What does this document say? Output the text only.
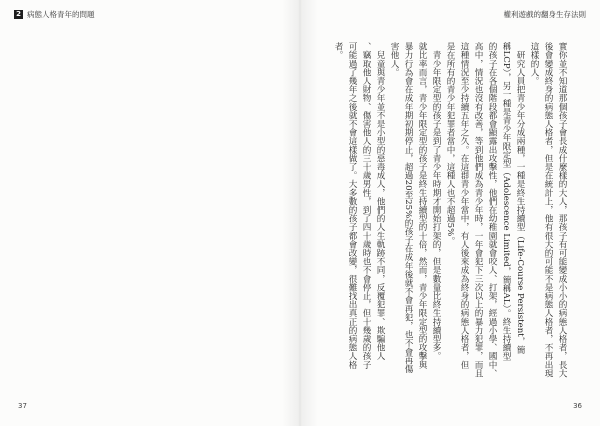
2 病態人格青年的問題
37
權利遊戲的翻身生存法則
36
實你並不知道那個孩子會長成什麼樣的大人，那孩子有可能變成小小的病態人格者，長大
後會變成終身的病態人格者，但是在統計上，他有很大的可能不是病態人格者，不再出現
這樣的人。
　研究人員把青少年分成兩種，一種是終生持續型（Life-Course Persistent，簡
稱LCP），另一種是青少年限定型（Adolescence Limited，簡稱AL）。終生持續型
的孩子在各個階段都會顯露出攻擊性，他們在幼稚園就會咬人、打架，經過小學、國中、
高中，情況也沒有改善，等到他們成為青少年時，一年會犯下三次以上的暴力犯罪，而且
這種情況至少持續五年之久。在這群青少年當中，有人後來成為終身的病態人格者，但
是在所有的青少年犯罪者當中，這種人也不超過5%。
　青少年限定型的孩子是到了青少年時期才開始打架的，但是數量比終生持續型多。
就比率而言，青少年限定型的孩子是終生持續型的十倍，然而，青少年限定型的攻擊與
暴力行為會在成年期初期停止，超過20至25%的孩子在成年後就不會再犯，也不會再傷
害他人。
　兒童與青少年並不是小型的惡毒成人，他們的人生軌跡不同，反覆犯罪、欺騙他人
、竊取他人財物、傷害他人的三十歲男性，到了四十歲時也不會停止，但十幾歲的孩子
可能過了幾年之後就不會這樣做了。大多數的孩子都會改變，很難找出真正的病態人格
者。
